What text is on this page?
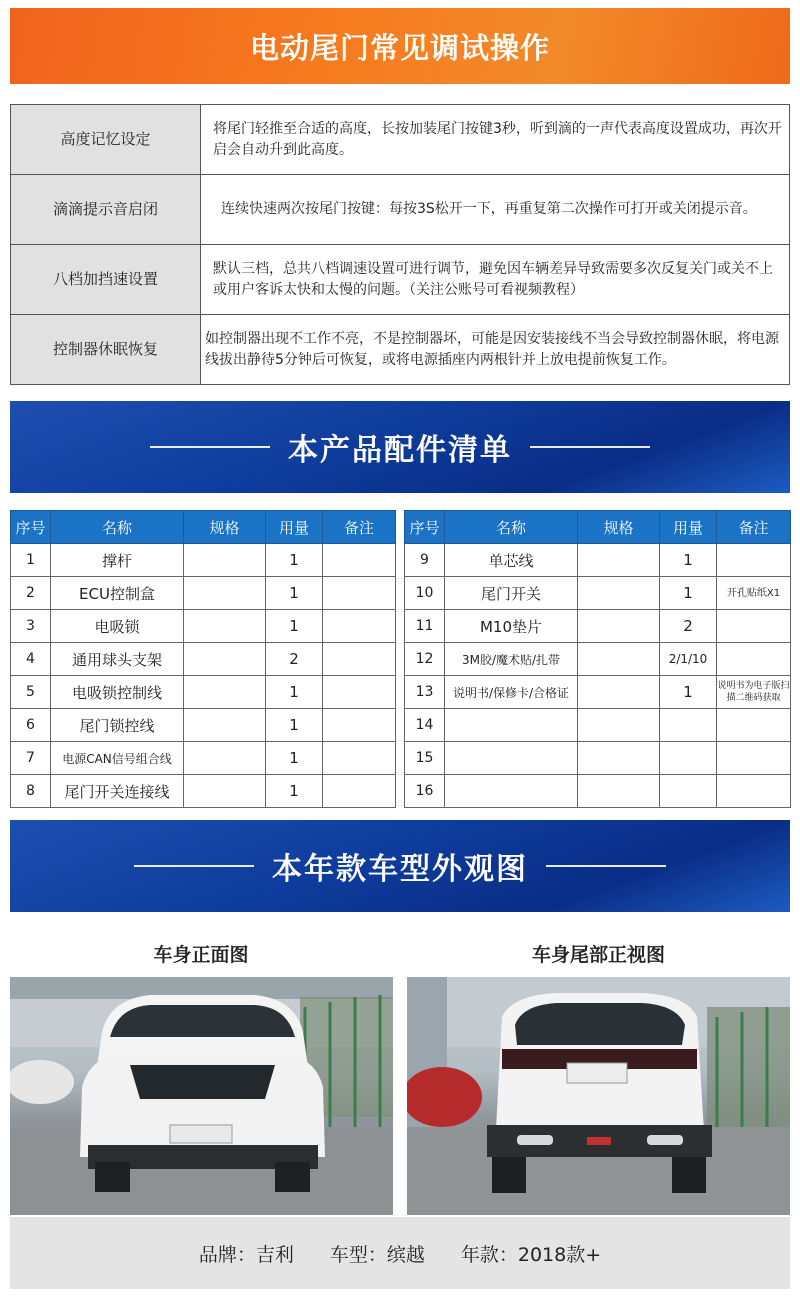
电动尾门常见调试操作
高度记忆设定	将尾门轻推至合适的高度，长按加装尾门按键3秒，听到滴的一声代表高度设置成功，再次开启会自动升到此高度。
滴滴提示音启闭	连续快速两次按尾门按键：每按3S松开一下，再重复第二次操作可打开或关闭提示音。
八档加挡速设置	默认三档，总共八档调速设置可进行调节，避免因车辆差异导致需要多次反复关门或关不上或用户客诉太快和太慢的问题。（关注公账号可看视频教程）
控制器休眠恢复	如控制器出现不工作不亮，不是控制器坏，可能是因安装接线不当会导致控制器休眠，将电源线拔出静待5分钟后可恢复，或将电源插座内两根针并上放电提前恢复工作。
本产品配件清单
序号	名称	规格	用量	备注
1	撑杆		1	
2	ECU控制盒		1	
3	电吸锁		1	
4	通用球头支架		2	
5	电吸锁控制线		1	
6	尾门锁控线		1	
7	电源CAN信号组合线		1	
8	尾门开关连接线		1	
序号	名称	规格	用量	备注
9	单芯线		1	
10	尾门开关		1	开孔贴纸X1
11	M10垫片		2	
12	3M胶/魔术贴/扎带		2/1/10	
13	说明书/保修卡/合格证		1	说明书为电子版扫描二维码获取
14				
15				
16				
本年款车型外观图
车身正面图	车身尾部正视图
品牌：吉利 车型：缤越 年款：2018款+
